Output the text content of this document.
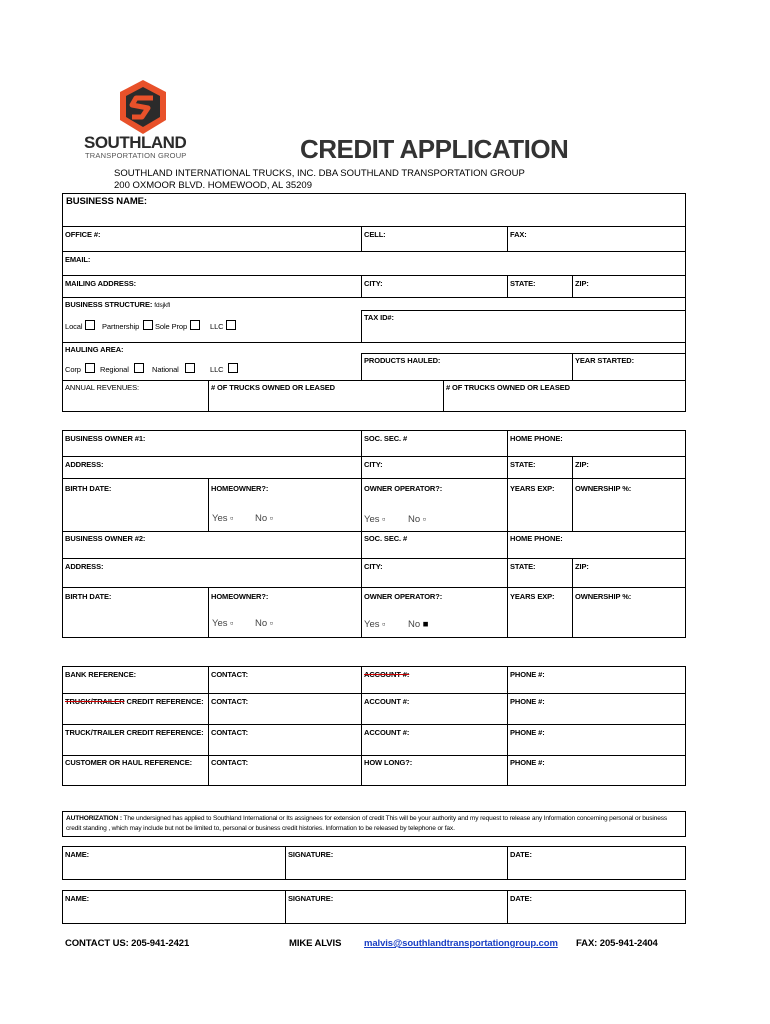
SOUTHLAND
TRANSPORTATION GROUP	CREDIT APPLICATION
SOUTHLAND INTERNATIONAL TRUCKS, INC. DBA SOUTHLAND TRANSPORTATION GROUP
200 OXMOOR BLVD. HOMEWOOD, AL 35209
BUSINESS NAME:
OFFICE #:	CELL:	FAX:
EMAIL:
MAILING ADDRESS:	CITY:	STATE:	ZIP:
BUSINESS STRUCTURE: fdsjkfl
TAX ID#:
Local	Partnership Sole Prop	LLC
HAULING AREA:
PRODUCTS HAULED:	YEAR STARTED:
Corp	Regional	National	LLC
ANNUAL REVENUES:	# OF TRUCKS OWNED OR LEASED	# OF TRUCKS OWNED OR LEASED
BUSINESS OWNER #1:	SOC. SEC. #	HOME PHONE:
ADDRESS:	CITY:	STATE:	ZIP:
BIRTH DATE:	HOMEOWNER?:	OWNER OPERATOR?:	YEARS EXP:	OWNERSHIP %:
Yes ▫ No ▫	Yes ▫ No ▫
BUSINESS OWNER #2:	SOC. SEC. #	HOME PHONE:
ADDRESS:	CITY:	STATE:	ZIP:
BIRTH DATE:	HOMEOWNER?:	OWNER OPERATOR?:	YEARS EXP:	OWNERSHIP %:
Yes ▫ No ▫	Yes ▫ No ■
BANK REFERENCE:	CONTACT:	ACCOUNT #:	PHONE #:
TRUCK/TRAILER CREDIT REFERENCE: CONTACT:	ACCOUNT #:	PHONE #:
TRUCK/TRAILER CREDIT REFERENCE: CONTACT:	ACCOUNT #:	PHONE #:
CUSTOMER OR HAUL REFERENCE:	CONTACT:	HOW LONG?:	PHONE #:
AUTHORIZATION : The undersigned has applied to Southland International or Its assignees for extension of credit This will be your authority and my request to release any Information concerning personal or business credit standing , which may include but not be limited to, personal or business credit histories. Information to be released by telephone or fax.
NAME:	SIGNATURE:	DATE:
NAME:	SIGNATURE:	DATE:
CONTACT US: 205-941-2421	MIKE ALVIS malvis@southlandtransportationgroup.com FAX: 205-941-2404
